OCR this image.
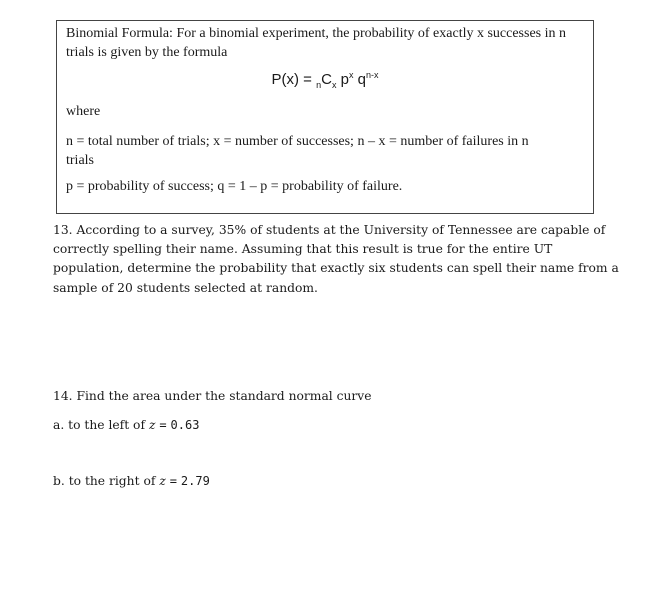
Binomial Formula: For a binomial experiment, the probability of exactly x successes in n trials is given by the formula
$P(x) = _nC_x$ $p^x$ $q^{n-x}$
where
n = total number of trials; x = number of successes; n – x = number of failures in n
trials
p = probability of success; q = 1 – p = probability of failure.
13. According to a survey, 35% of students at the University of Tennessee are capable of correctly spelling their name. Assuming that this result is true for the entire UT population, determine the probability that exactly six students can spell their name from a sample of 20 students selected at random.
14. Find the area under the standard normal curve
a. to the left of z = 0.63
b. to the right of z = 2.79
